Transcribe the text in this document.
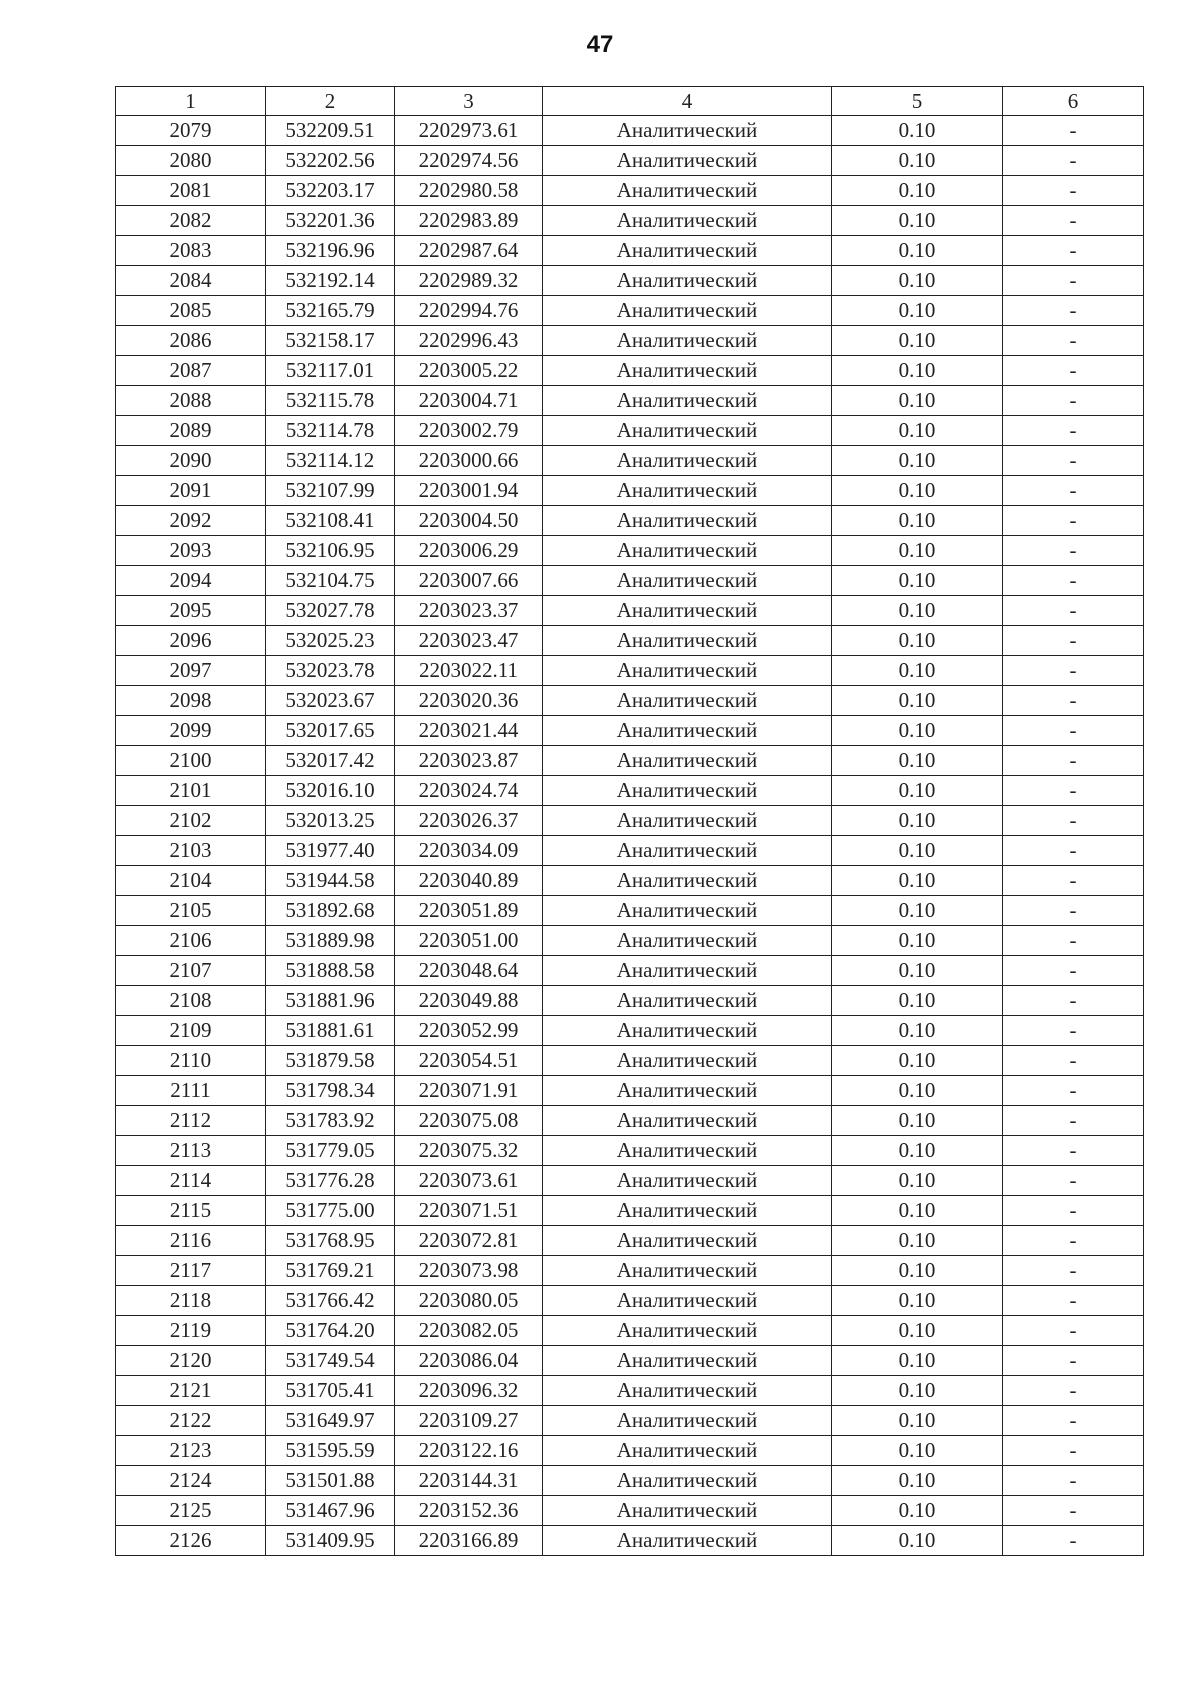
47
1	2	3	4	5	6
2079	532209.51	2202973.61	Аналитический	0.10	-
2080	532202.56	2202974.56	Аналитический	0.10	-
2081	532203.17	2202980.58	Аналитический	0.10	-
2082	532201.36	2202983.89	Аналитический	0.10	-
2083	532196.96	2202987.64	Аналитический	0.10	-
2084	532192.14	2202989.32	Аналитический	0.10	-
2085	532165.79	2202994.76	Аналитический	0.10	-
2086	532158.17	2202996.43	Аналитический	0.10	-
2087	532117.01	2203005.22	Аналитический	0.10	-
2088	532115.78	2203004.71	Аналитический	0.10	-
2089	532114.78	2203002.79	Аналитический	0.10	-
2090	532114.12	2203000.66	Аналитический	0.10	-
2091	532107.99	2203001.94	Аналитический	0.10	-
2092	532108.41	2203004.50	Аналитический	0.10	-
2093	532106.95	2203006.29	Аналитический	0.10	-
2094	532104.75	2203007.66	Аналитический	0.10	-
2095	532027.78	2203023.37	Аналитический	0.10	-
2096	532025.23	2203023.47	Аналитический	0.10	-
2097	532023.78	2203022.11	Аналитический	0.10	-
2098	532023.67	2203020.36	Аналитический	0.10	-
2099	532017.65	2203021.44	Аналитический	0.10	-
2100	532017.42	2203023.87	Аналитический	0.10	-
2101	532016.10	2203024.74	Аналитический	0.10	-
2102	532013.25	2203026.37	Аналитический	0.10	-
2103	531977.40	2203034.09	Аналитический	0.10	-
2104	531944.58	2203040.89	Аналитический	0.10	-
2105	531892.68	2203051.89	Аналитический	0.10	-
2106	531889.98	2203051.00	Аналитический	0.10	-
2107	531888.58	2203048.64	Аналитический	0.10	-
2108	531881.96	2203049.88	Аналитический	0.10	-
2109	531881.61	2203052.99	Аналитический	0.10	-
2110	531879.58	2203054.51	Аналитический	0.10	-
2111	531798.34	2203071.91	Аналитический	0.10	-
2112	531783.92	2203075.08	Аналитический	0.10	-
2113	531779.05	2203075.32	Аналитический	0.10	-
2114	531776.28	2203073.61	Аналитический	0.10	-
2115	531775.00	2203071.51	Аналитический	0.10	-
2116	531768.95	2203072.81	Аналитический	0.10	-
2117	531769.21	2203073.98	Аналитический	0.10	-
2118	531766.42	2203080.05	Аналитический	0.10	-
2119	531764.20	2203082.05	Аналитический	0.10	-
2120	531749.54	2203086.04	Аналитический	0.10	-
2121	531705.41	2203096.32	Аналитический	0.10	-
2122	531649.97	2203109.27	Аналитический	0.10	-
2123	531595.59	2203122.16	Аналитический	0.10	-
2124	531501.88	2203144.31	Аналитический	0.10	-
2125	531467.96	2203152.36	Аналитический	0.10	-
2126	531409.95	2203166.89	Аналитический	0.10	-
